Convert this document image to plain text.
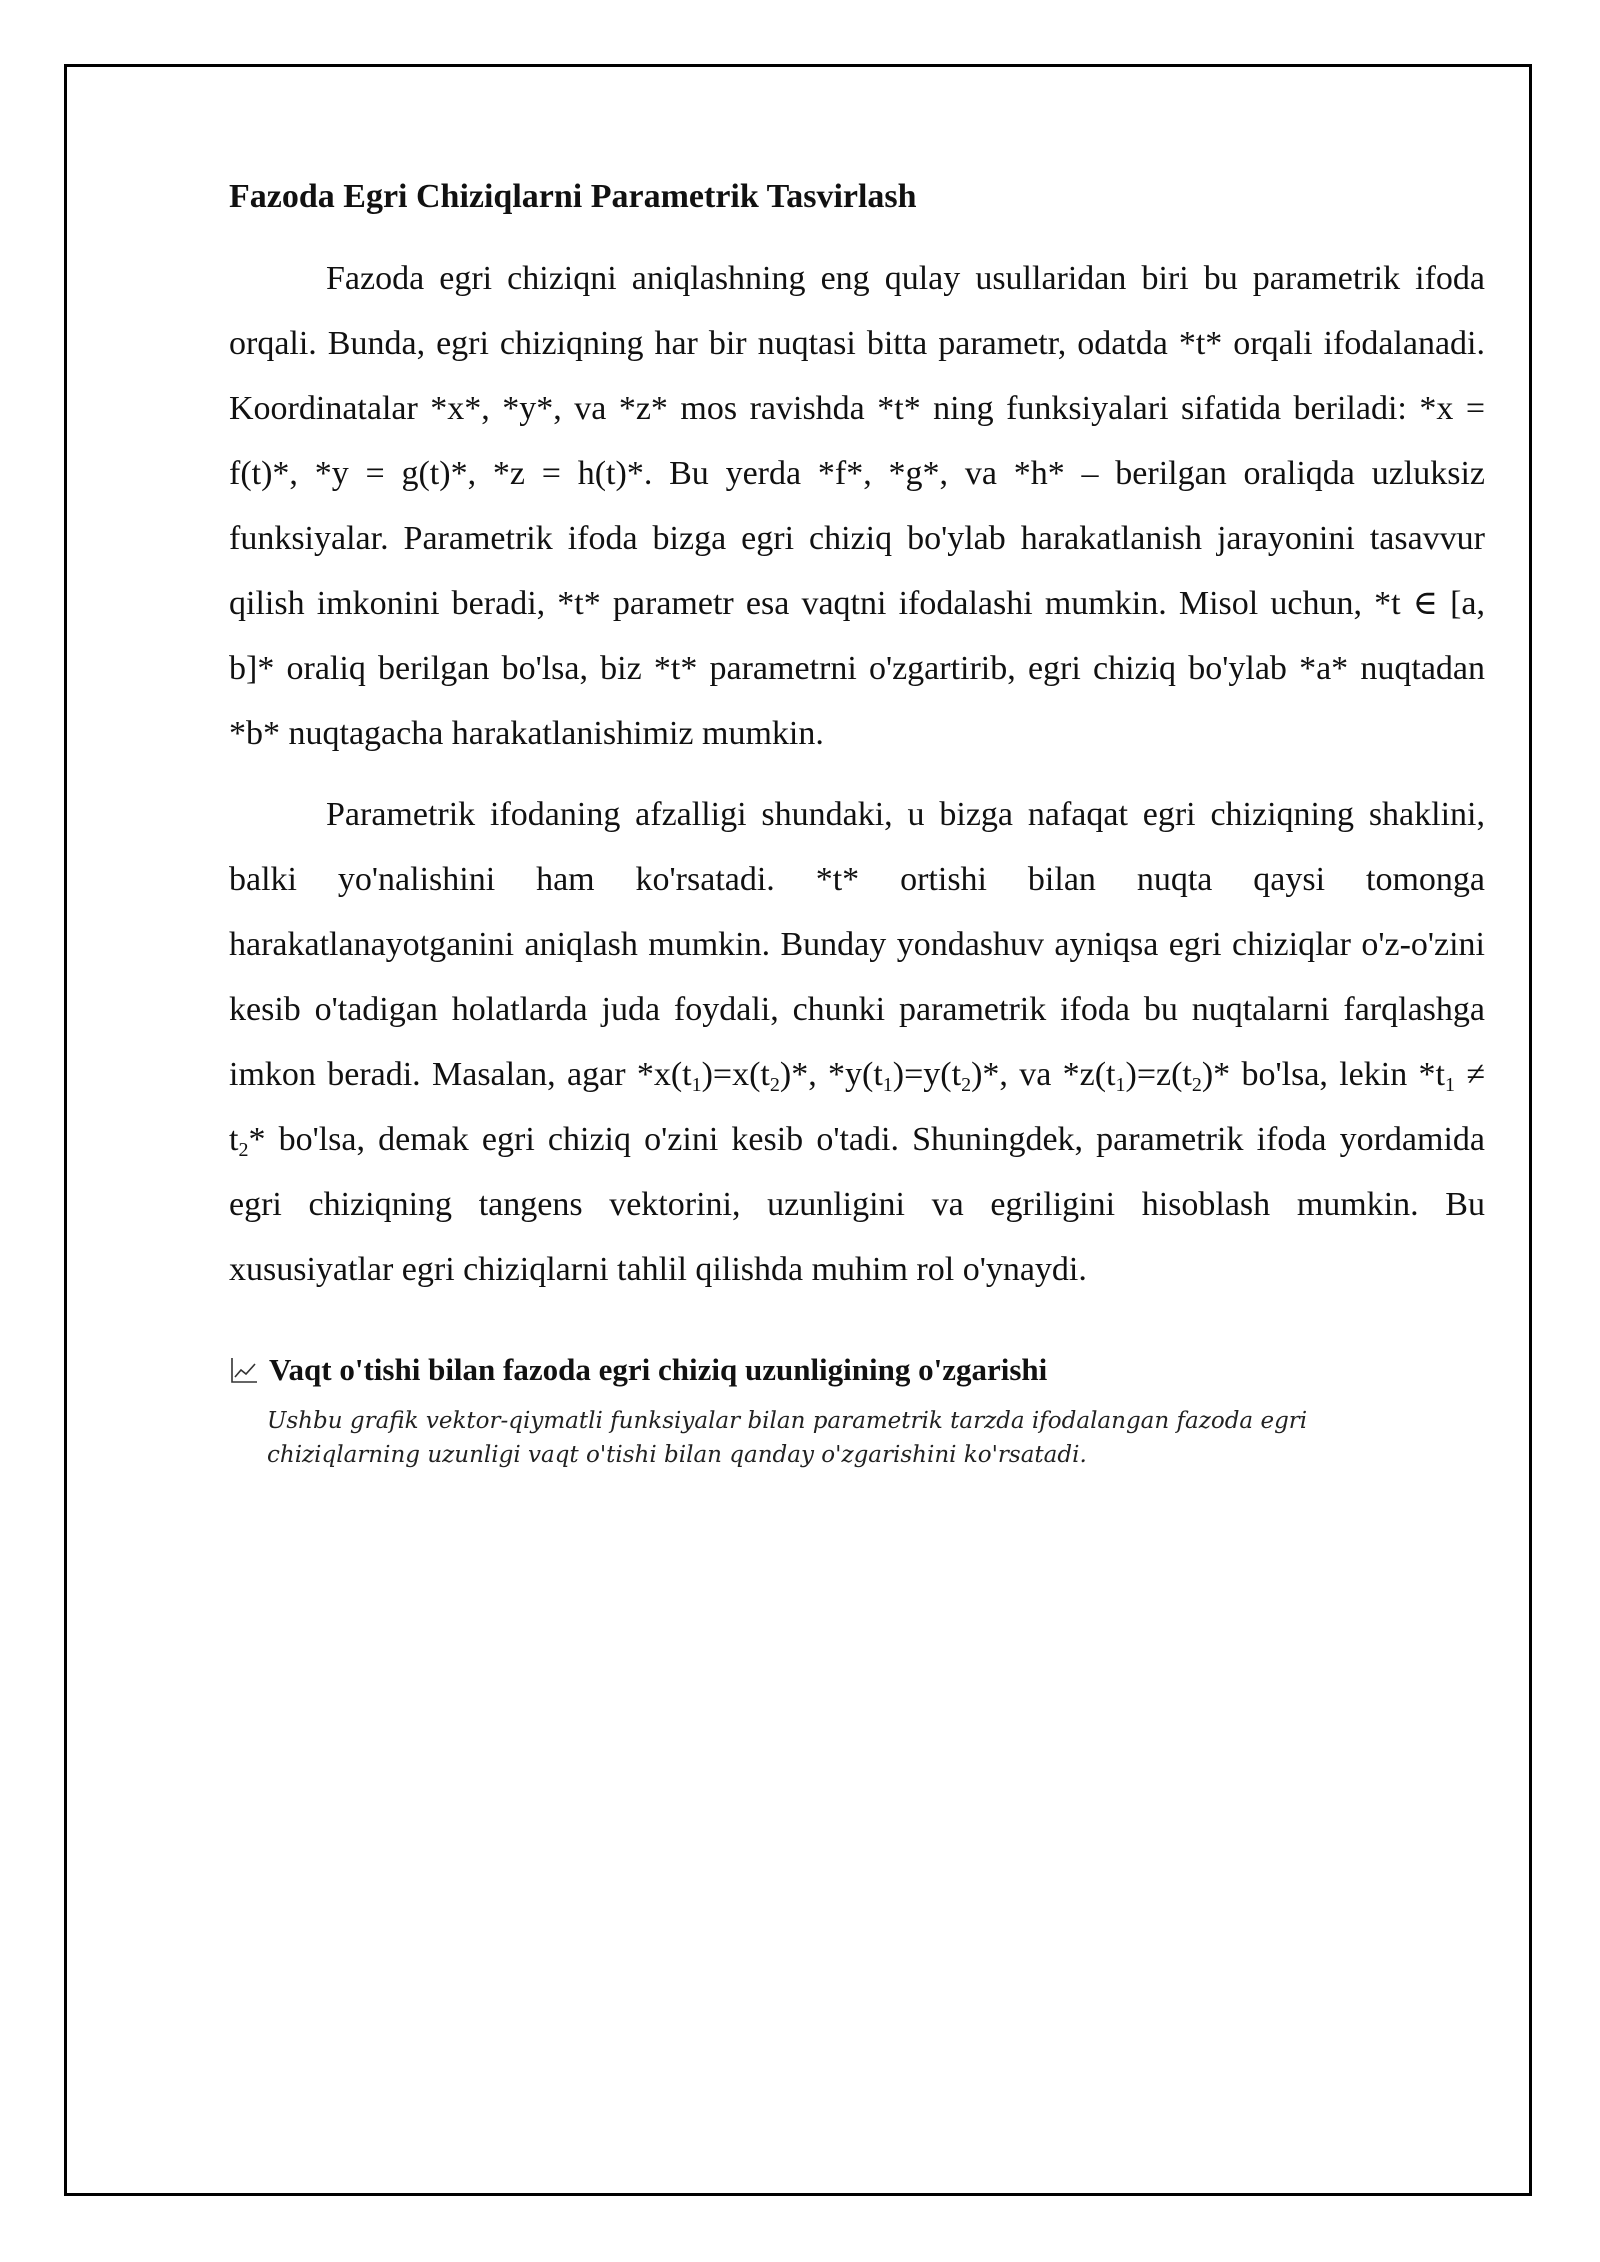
Fazoda Egri Chiziqlarni Parametrik Tasvirlash

Fazoda egri chiziqni aniqlashning eng qulay usullaridan biri bu parametrik ifoda orqali. Bunda, egri chiziqning har bir nuqtasi bitta parametr, odatda *t* orqali ifodalanadi. Koordinatalar *x*, *y*, va *z* mos ravishda *t* ning funksiyalari sifatida beriladi: *x = f(t)*, *y = g(t)*, *z = h(t)*. Bu yerda *f*, *g*, va *h* – berilgan oraliqda uzluksiz funksiyalar. Parametrik ifoda bizga egri chiziq bo'ylab harakatlanish jarayonini tasavvur qilish imkonini beradi, *t* parametr esa vaqtni ifodalashi mumkin. Misol uchun, *t ∈ [a, b]* oraliq berilgan bo'lsa, biz *t* parametrni o'zgartirib, egri chiziq bo'ylab *a* nuqtadan *b* nuqtagacha harakatlanishimiz mumkin.

Parametrik ifodaning afzalligi shundaki, u bizga nafaqat egri chiziqning shaklini, balki yo'nalishini ham ko'rsatadi. *t* ortishi bilan nuqta qaysi tomonga harakatlanayotganini aniqlash mumkin. Bunday yondashuv ayniqsa egri chiziqlar o'z-o'zini kesib o'tadigan holatlarda juda foydali, chunki parametrik ifoda bu nuqtalarni farqlashga imkon beradi. Masalan, agar $*x(t_1)=x(t_2)*$, $*y(t_1)=y(t_2)*$, va $*z(t_1)=z(t_2)*$ bo'lsa, lekin $*t_1 \ne t_2*$ bo'lsa, demak egri chiziq o'zini kesib o'tadi. Shuningdek, parametrik ifoda yordamida egri chiziqning tangens vektorini, uzunligini va egriligini hisoblash mumkin. Bu xususiyatlar egri chiziqlarni tahlil qilishda muhim rol o'ynaydi.

Vaqt o'tishi bilan fazoda egri chiziq uzunligining o'zgarishi
Ushbu grafik vektor-qiymatli funksiyalar bilan parametrik tarzda ifodalangan fazoda egri chiziqlarning uzunligi vaqt o'tishi bilan qanday o'zgarishini ko'rsatadi.
